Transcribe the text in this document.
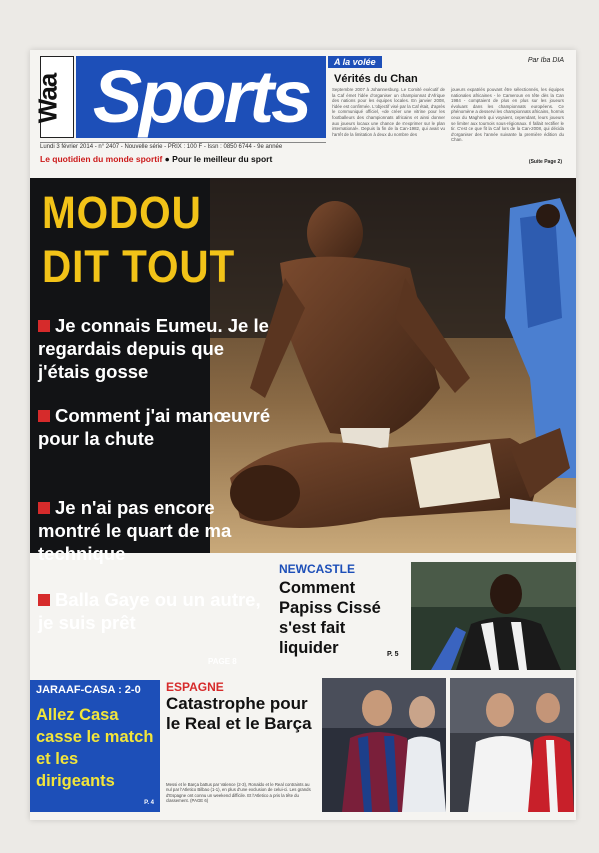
Waa Sports
Lundi 3 février 2014 - n° 2407 - Nouvelle série - PRIX : 100 F - Issn : 0850 6744 - 9e année
Le quotidien du monde sportif ● Pour le meilleur du sport
A la volée	Par Iba DIA
Vérités du Chan
Septembre 2007 à Johannesburg. Le Comité exécutif de la Caf émet l'idée d'organiser un championnat d'Afrique des nations pour les équipes locales. En janvier 2008, l'idée est confirmée. L'objectif visé par la Caf était, d'après le communiqué officiel, «de créer une vitrine pour les footballeurs des championnats africains et ainsi donner aux joueurs locaux une chance de s'exprimer sur le plan international». Depuis la fin de la Can-1982, qui avait vu l'arrêt de la limitation à deux du nombre des
joueurs expatriés pouvant être sélectionnés, les équipes nationales africaines - le Cameroun en tête dès la Can 1984 - comptaient de plus en plus sur les joueurs évoluant dans les championnats européens. Ce phénomène a desservi les championnats africains, hormis ceux du Maghreb qui voyaient, cependant, leurs joueurs se limiter aux tournois sous-régionaux. Il fallait rectifier le tir. C'est ce que fit la Caf lors de la Can-2008, qui décida d'organiser des l'année suivante la première édition du Chan.
(Suite Page 2)
MODOU
DIT TOUT
Je connais Eumeu. Je le regardais depuis que j'étais gosse
Comment j'ai manœuvré pour la chute
Je n'ai pas encore montré le quart de ma technique
Balla Gaye ou un autre, je suis prêt
PAGE 8
NEWCASTLE
Comment Papiss Cissé s'est fait liquider	P. 5
JARAAF-CASA : 2-0
Allez Casa casse le match et les dirigeants
P. 4
ESPAGNE
Catastrophe pour le Real et le Barça
Messi et le Barça battus par Valence (2-3), Ronaldo et le Real contraints au nul par l'Atletico Bilbao (1-1), en plus d'une exclusion de celui-ci. Les grands d'Espagne ont connu un weekend difficile. Et l'Atletico a pris la tête du classement. (PAGE 6)
